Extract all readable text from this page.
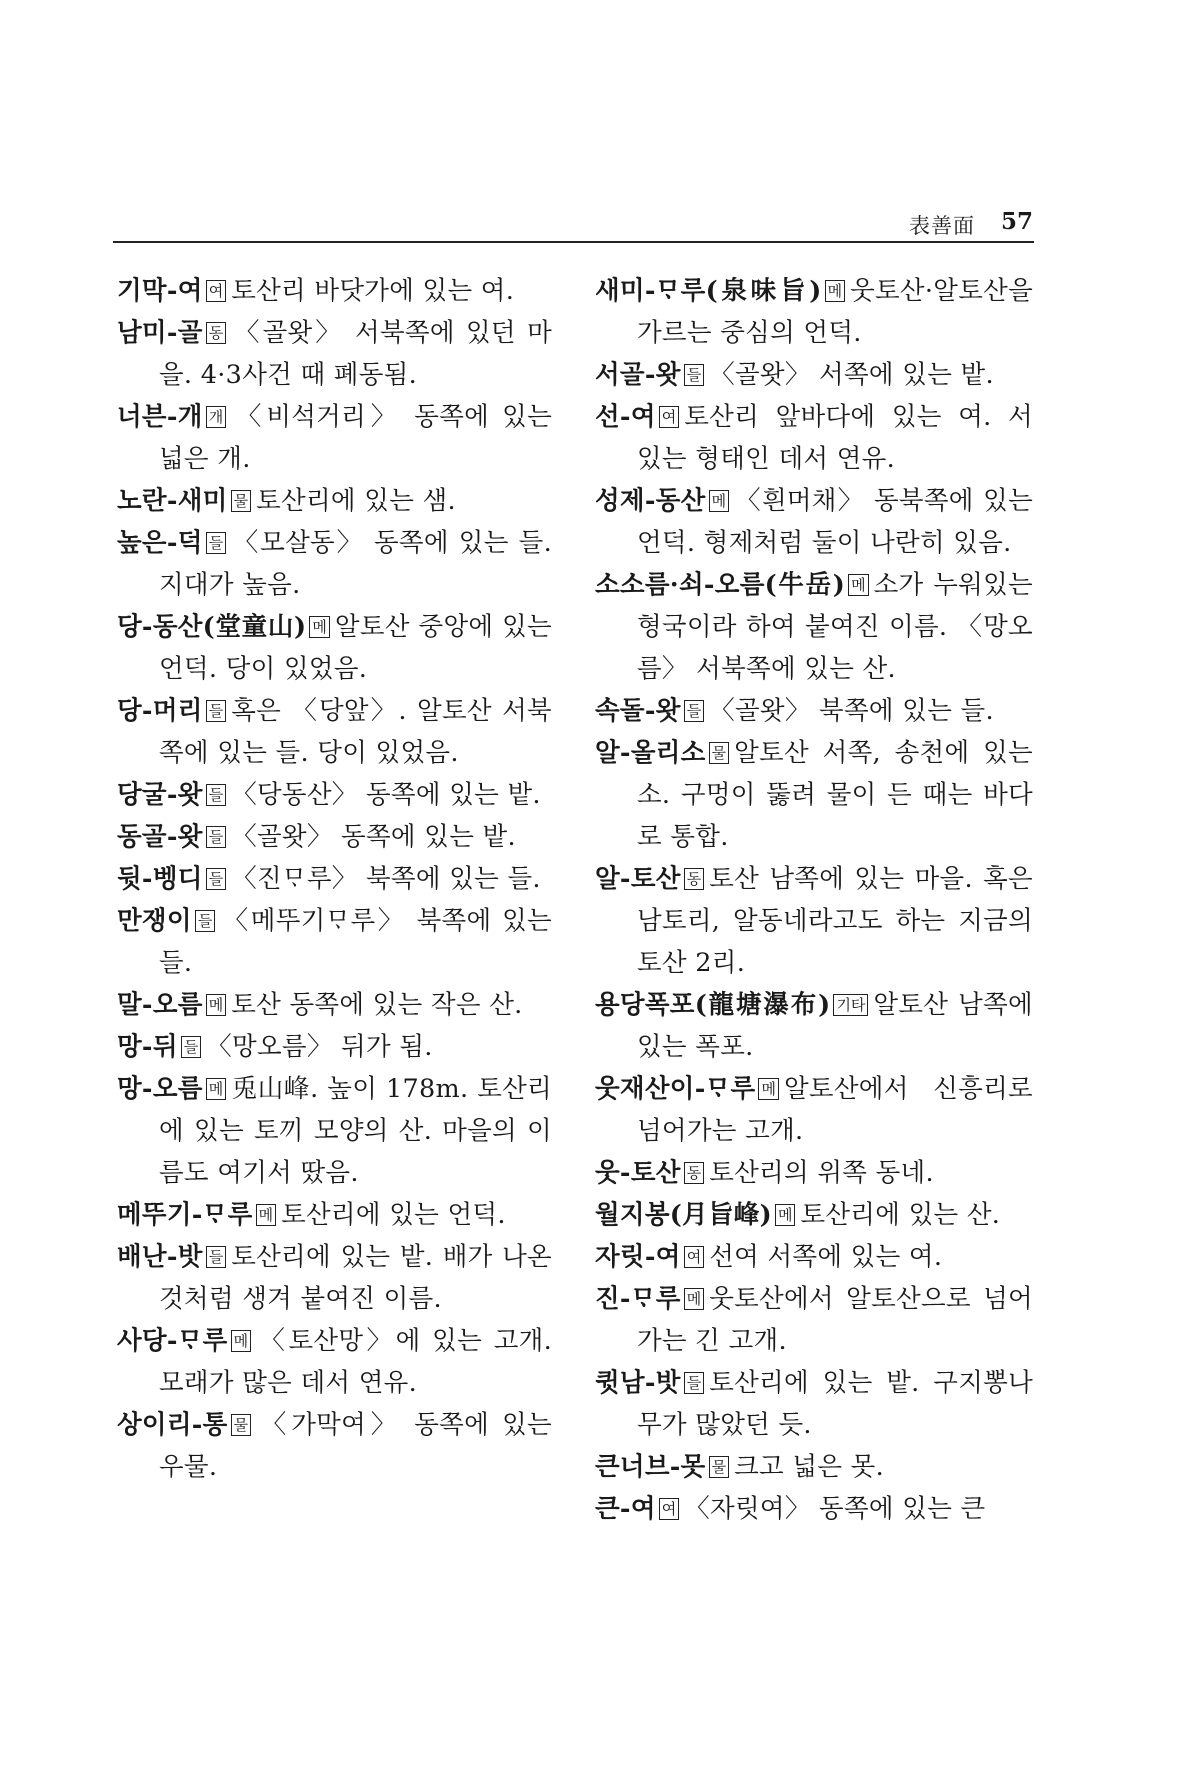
表善面 57

기막-여 여 토산리 바닷가에 있는 여.

남미-골 동 〈골왓〉 서북쪽에 있던 마을. 4·3사건 때 폐동됨.

너븐-개 개 〈비석거리〉 동쪽에 있는 넓은 개.

노란-새미 물 토산리에 있는 샘.

높은-덕 들 〈모살동〉 동쪽에 있는 들. 지대가 높음.

당-동산(堂童山) 메 알토산 중앙에 있는 언덕. 당이 있었음.

당-머리 들 혹은 〈당앞〉. 알토산 서북쪽에 있는 들. 당이 있었음.

당굴-왓 들 〈당동산〉 동쪽에 있는 밭.

동골-왓 들 〈골왓〉 동쪽에 있는 밭.

뒷-벵디 들 〈진ᄆᆞ루〉 북쪽에 있는 들.

만쟁이 들 〈메뚜기ᄆᆞ루〉 북쪽에 있는 들.

말-오름 메 토산 동쪽에 있는 작은 산.

망-뒤 들 〈망오름〉 뒤가 됨.

망-오름 메 兎山峰. 높이 178m. 토산리에 있는 토끼 모양의 산. 마을의 이름도 여기서 땄음.

메뚜기-ᄆᆞ루 메 토산리에 있는 언덕.

배난-밧 들 토산리에 있는 밭. 배가 나온 것처럼 생겨 붙여진 이름.

사당-ᄆᆞ루 메 〈토산망〉에 있는 고개. 모래가 많은 데서 연유.

상이리-통 물 〈가막여〉 동쪽에 있는 우물.

새미-ᄆᆞ루(泉味旨) 메 웃토산·알토산을 가르는 중심의 언덕.

서골-왓 들 〈골왓〉 서쪽에 있는 밭.

선-여 여 토산리 앞바다에 있는 여. 서 있는 형태인 데서 연유.

성제-동산 메 〈흰머채〉 동북쪽에 있는 언덕. 형제처럼 둘이 나란히 있음.

소소름·쇠-오름(牛岳) 메 소가 누워있는 형국이라 하여 붙여진 이름. 〈망오름〉 서북쪽에 있는 산.

속돌-왓 들 〈골왓〉 북쪽에 있는 들.

알-올리소 물 알토산 서쪽, 송천에 있는 소. 구멍이 뚫려 물이 든 때는 바다로 통합.

알-토산 동 토산 남쪽에 있는 마을. 혹은 남토리, 알동네라고도 하는 지금의 토산 2리.

용당폭포(龍塘瀑布) 기타 알토산 남쪽에 있는 폭포.

웃재산이-ᄆᆞ루 메 알토산에서 신흥리로 넘어가는 고개.

웃-토산 동 토산리의 위쪽 동네.

월지봉(月旨峰) 메 토산리에 있는 산.

자릿-여 여 선여 서쪽에 있는 여.

진-ᄆᆞ루 메 웃토산에서 알토산으로 넘어가는 긴 고개.

큇남-밧 들 토산리에 있는 밭. 구지뽕나무가 많았던 듯.

큰너브-못 물 크고 넓은 못.

큰-여 여 〈자릿여〉 동쪽에 있는 큰
